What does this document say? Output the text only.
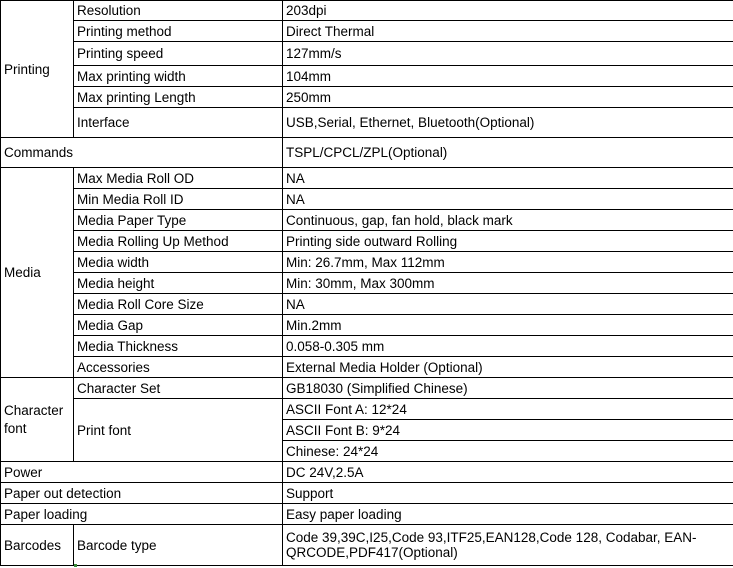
Printing	Resolution	203dpi
	Printing method	Direct Thermal
	Printing speed	127mm/s
	Max printing width	104mm
	Max printing Length	250mm
	Interface	USB,Serial, Ethernet, Bluetooth(Optional)
Commands		TSPL/CPCL/ZPL(Optional)
Media	Max Media Roll OD	NA
	Min Media Roll ID	NA
	Media Paper Type	Continuous, gap, fan hold, black mark
	Media Rolling Up Method	Printing side outward Rolling
	Media width	Min: 26.7mm, Max 112mm
	Media height	Min: 30mm, Max 300mm
	Media Roll Core Size	NA
	Media Gap	Min.2mm
	Media Thickness	0.058-0.305 mm
	Accessories	External Media Holder (Optional)
Character font	Character Set	GB18030 (Simplified Chinese)
	Print font	ASCII Font A: 12*24
		ASCII Font B: 9*24
		Chinese: 24*24
Power		DC 24V,2.5A
Paper out detection		Support
Paper loading		Easy paper loading
Barcodes	Barcode type	Code 39,39C,I25,Code 93,ITF25,EAN128,Code 128, Codabar, EAN-
QRCODE,PDF417(Optional)
